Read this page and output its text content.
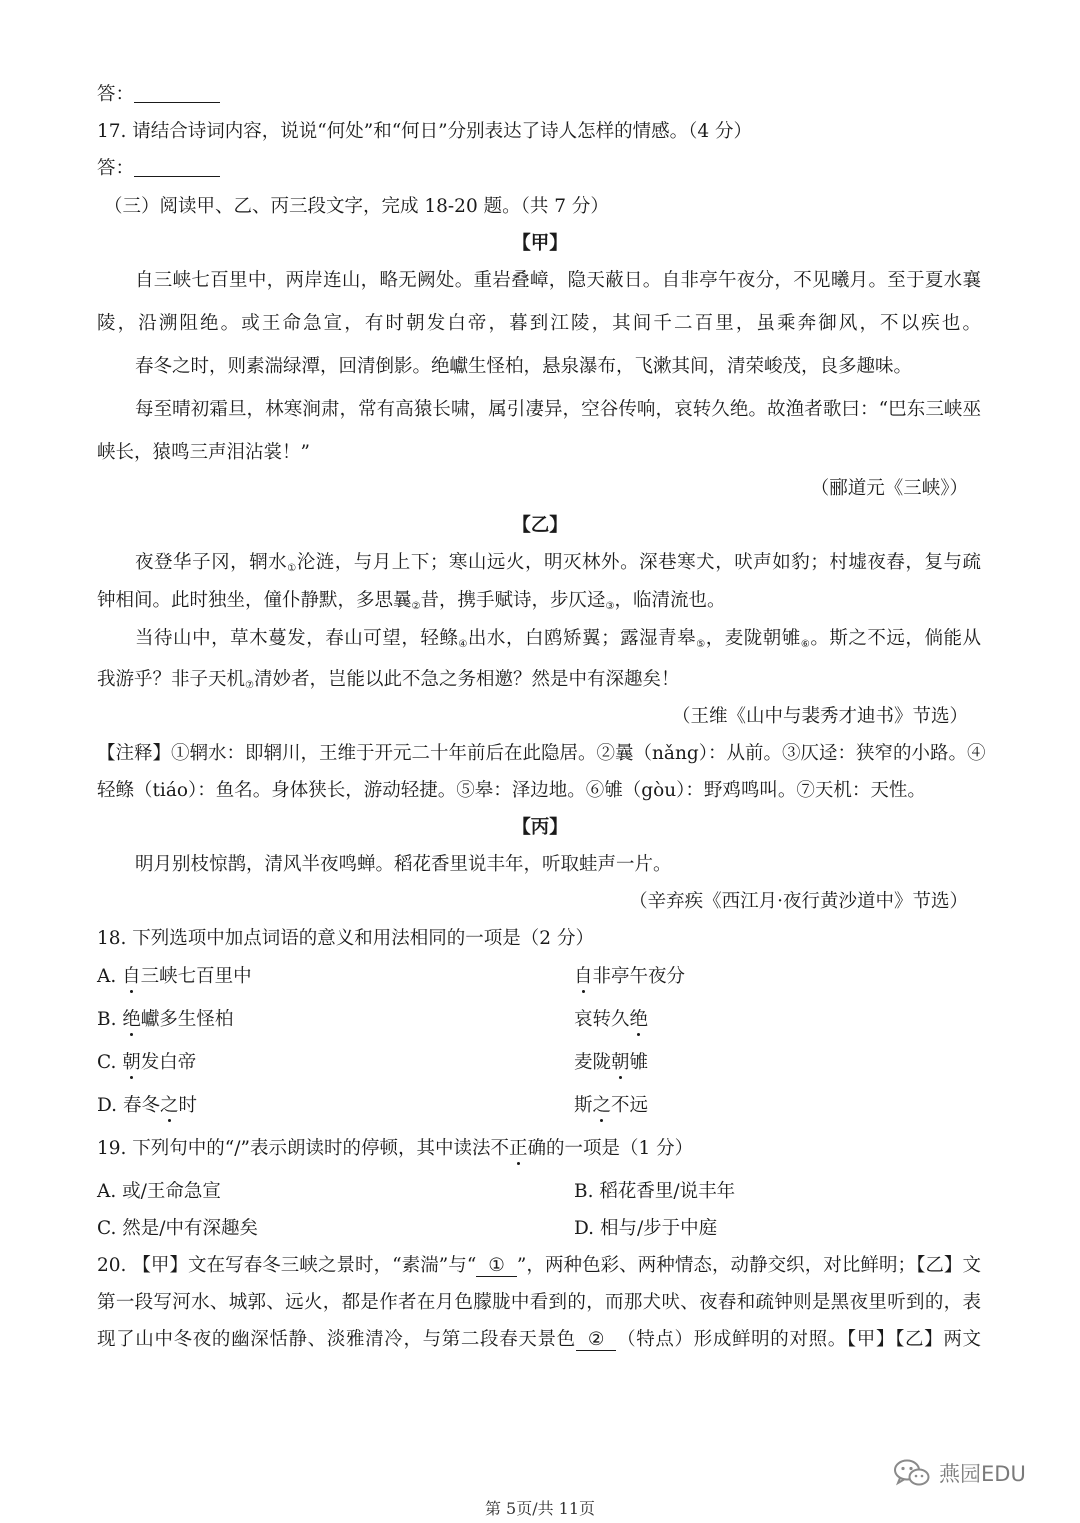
答：
17. 请结合诗词内容，说说“何处”和“何日”分别表达了诗人怎样的情感。（4 分）
答：
（三）阅读甲、乙、丙三段文字，完成 18-20 题。（共 7 分）
【甲】
自三峡七百里中，两岸连山，略无阙处。重岩叠嶂，隐天蔽日。自非亭午夜分，不见曦月。至于夏水襄
陵，沿溯阻绝。或王命急宣，有时朝发白帝，暮到江陵，其间千二百里，虽乘奔御风，不以疾也。
春冬之时，则素湍绿潭，回清倒影。绝巘生怪柏，悬泉瀑布，飞漱其间，清荣峻茂，良多趣味。
每至晴初霜旦，林寒涧肃，常有高猿长啸，属引凄异，空谷传响，哀转久绝。故渔者歌曰：“巴东三峡巫
峡长，猿鸣三声泪沾裳！”
（郦道元《三峡》）
【乙】
夜登华子冈，辋水$_①$沦涟，与月上下；寒山远火，明灭林外。深巷寒犬，吠声如豹；村墟夜舂，复与疏
钟相间。此时独坐，僮仆静默，多思曩$_②$昔，携手赋诗，步仄迳$_③$，临清流也。
当待山中，草木蔓发，春山可望，轻鲦$_④$出水，白鸥矫翼；露湿青皋$_⑤$，麦陇朝雊$_⑥$。斯之不远，倘能从
我游乎？非子天机$_⑦$清妙者，岂能以此不急之务相邀？然是中有深趣矣！
（王维《山中与裴秀才迪书》节选）
【注释】①辋水：即辋川，王维于开元二十年前后在此隐居。②曩（nǎng）：从前。③仄迳：狭窄的小路。④
轻鲦（tiáo）：鱼名。身体狭长，游动轻捷。⑤皋：泽边地。⑥雊（gòu）：野鸡鸣叫。⑦天机：天性。
【丙】
明月别枝惊鹊，清风半夜鸣蝉。稻花香里说丰年，听取蛙声一片。
（辛弃疾《西江月·夜行黄沙道中》节选）
18. 下列选项中加点词语的意义和用法相同的一项是（2 分）
A. 自三峡七百里中	自非亭午夜分
B. 绝巘多生怪柏	哀转久绝
C. 朝发白帝	麦陇朝雊
D. 春冬之时	斯之不远
19. 下列句中的“/”表示朗读时的停顿，其中读法不正确的一项是（1 分）
A. 或/王命急宣	B. 稻花香里/说丰年
C. 然是/中有深趣矣	D. 相与/步于中庭
20. 【甲】文在写春冬三峡之景时，“素湍”与“ ① ”，两种色彩、两种情态，动静交织，对比鲜明；【乙】文
第一段写河水、城郭、远火，都是作者在月色朦胧中看到的，而那犬吠、夜舂和疏钟则是黑夜里听到的，表
现了山中冬夜的幽深恬静、淡雅清冷，与第二段春天景色 ② （特点）形成鲜明的对照。【甲】【乙】两文
燕园EDU
第 5页/共 11页
